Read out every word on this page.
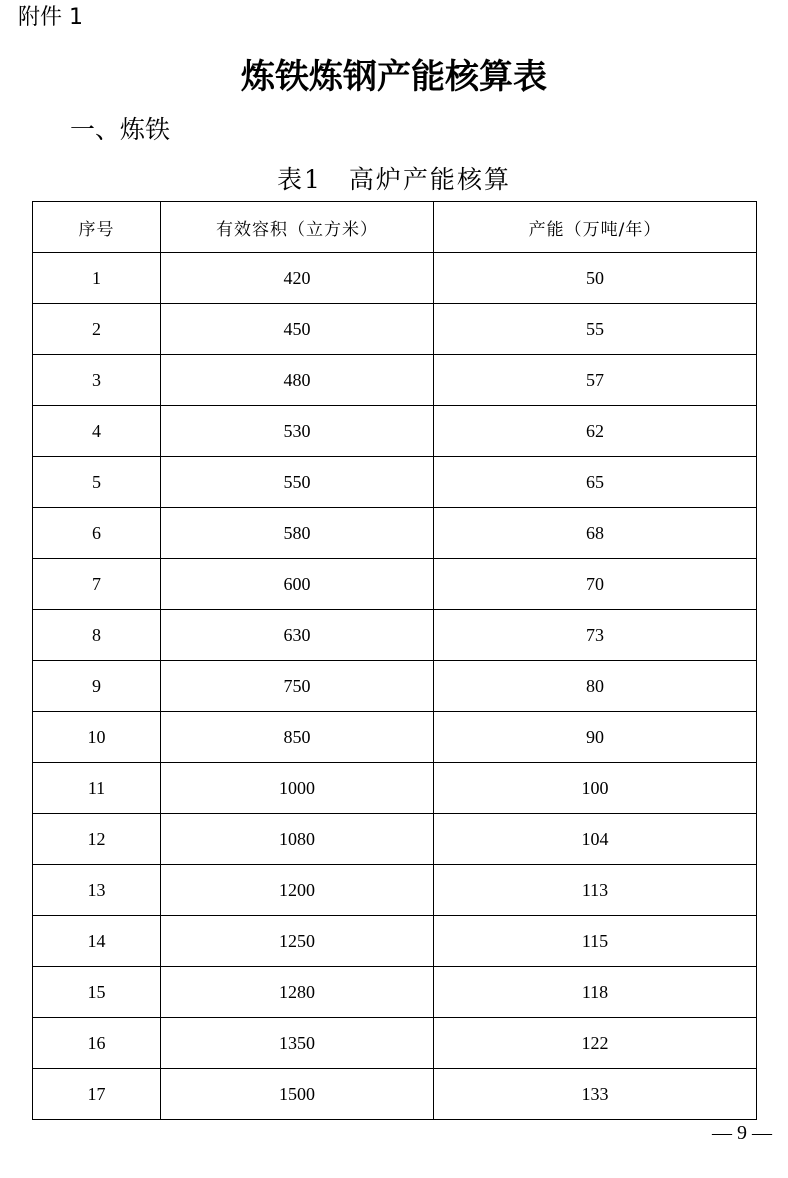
附件 1
炼铁炼钢产能核算表
一、炼铁
表1　高炉产能核算
序号	有效容积（立方米）	产能（万吨/年）
1	420	50
2	450	55
3	480	57
4	530	62
5	550	65
6	580	68
7	600	70
8	630	73
9	750	80
10	850	90
11	1000	100
12	1080	104
13	1200	113
14	1250	115
15	1280	118
16	1350	122
17	1500	133
— 9 —
